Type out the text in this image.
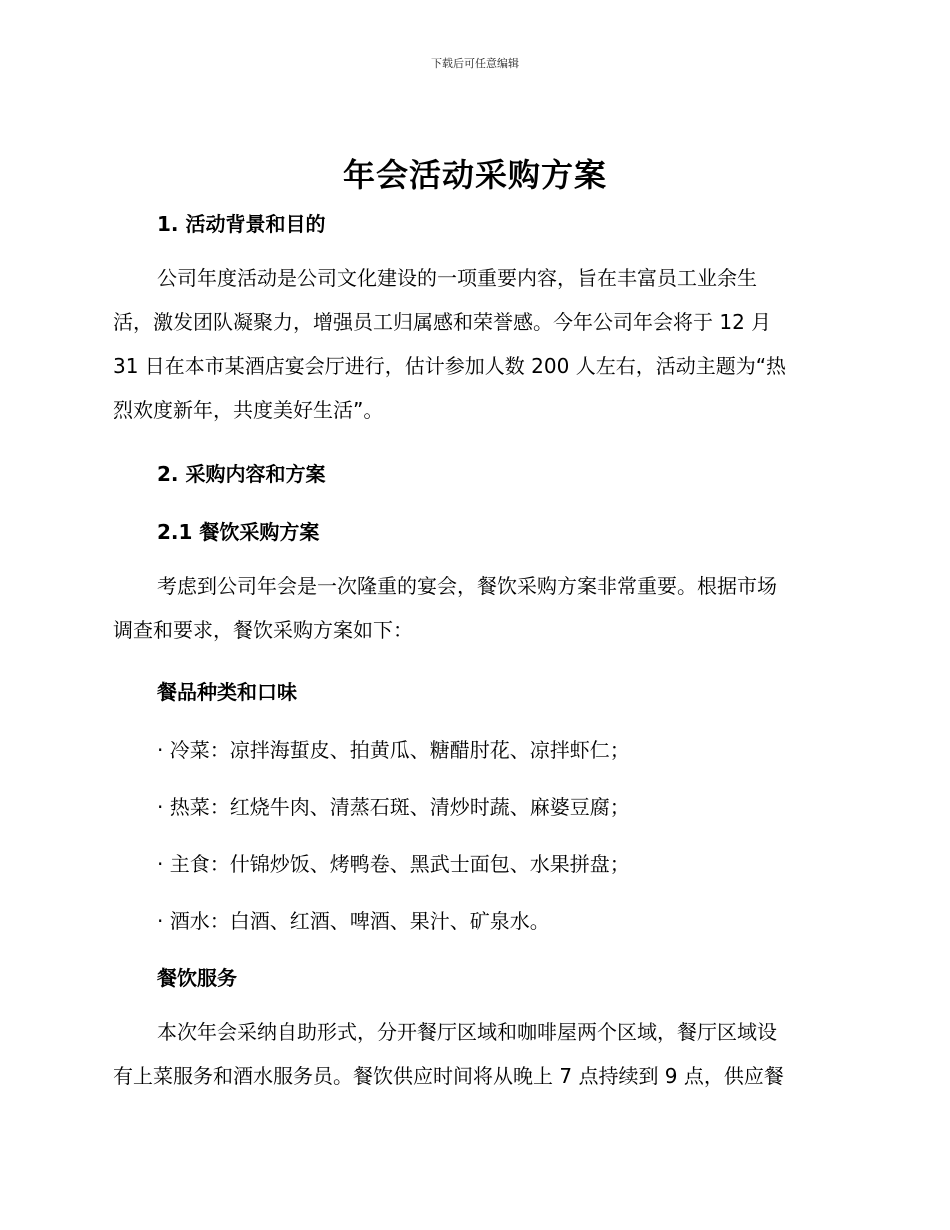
下载后可任意编辑
年会活动采购方案
1. 活动背景和目的
公司年度活动是公司文化建设的一项重要内容，旨在丰富员工业余生
活，激发团队凝聚力，增强员工归属感和荣誉感。今年公司年会将于 12 月
31 日在本市某酒店宴会厅进行，估计参加人数 200 人左右，活动主题为“热
烈欢度新年，共度美好生活”。
2. 采购内容和方案
2.1 餐饮采购方案
考虑到公司年会是一次隆重的宴会，餐饮采购方案非常重要。根据市场
调查和要求，餐饮采购方案如下：
餐品种类和口味
· 冷菜：凉拌海蜇皮、拍黄瓜、糖醋肘花、凉拌虾仁；
· 热菜：红烧牛肉、清蒸石斑、清炒时蔬、麻婆豆腐；
· 主食：什锦炒饭、烤鸭卷、黑武士面包、水果拼盘；
· 酒水：白酒、红酒、啤酒、果汁、矿泉水。
餐饮服务
本次年会采纳自助形式，分开餐厅区域和咖啡屋两个区域，餐厅区域设
有上菜服务和酒水服务员。餐饮供应时间将从晚上 7 点持续到 9 点，供应餐
